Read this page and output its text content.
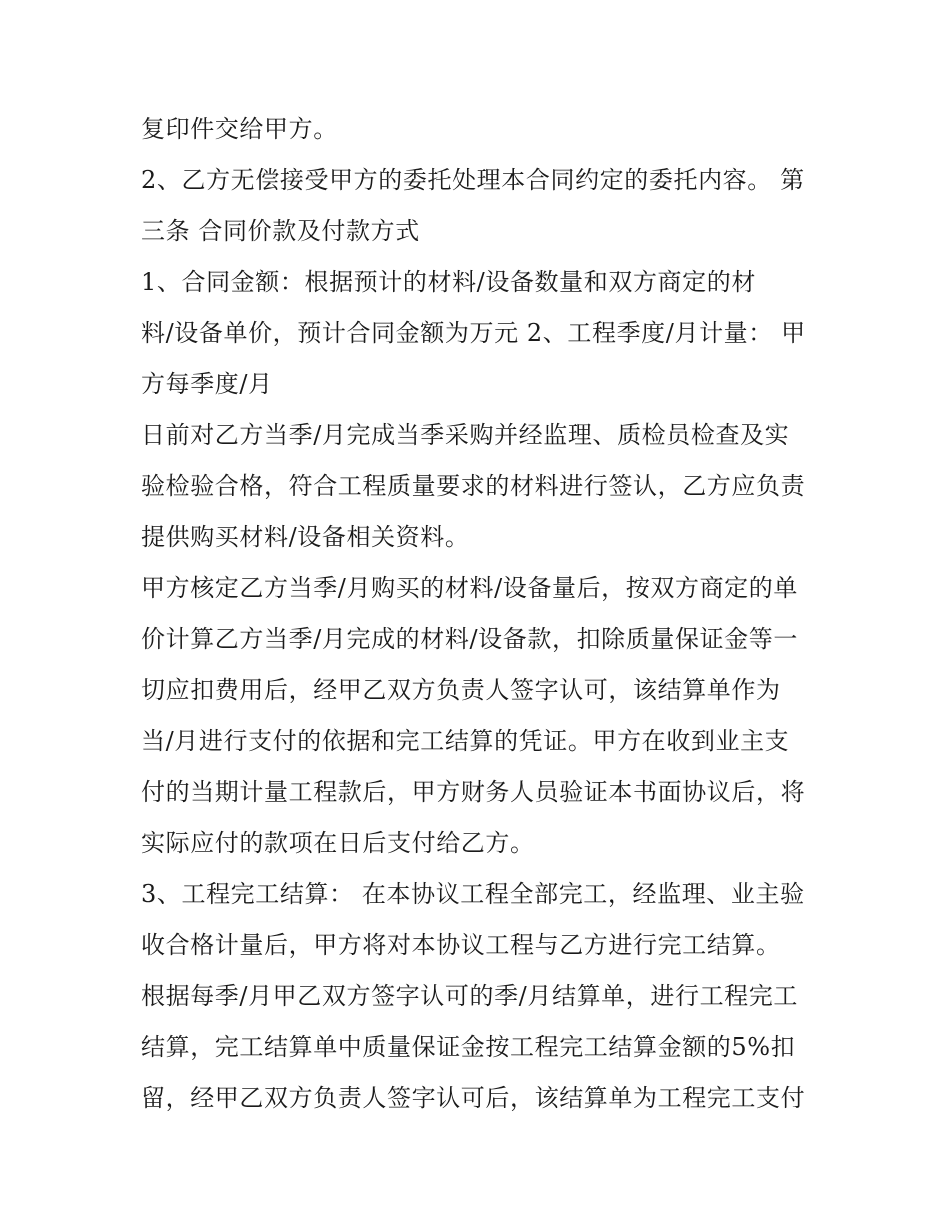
复印件交给甲方。
2、乙方无偿接受甲方的委托处理本合同约定的委托内容。 第
三条 合同价款及付款方式
1、合同金额：根据预计的材料/设备数量和双方商定的材
料/设备单价，预计合同金额为万元 2、工程季度/月计量： 甲
方每季度/月
日前对乙方当季/月完成当季采购并经监理、质检员检查及实
验检验合格，符合工程质量要求的材料进行签认，乙方应负责
提供购买材料/设备相关资料。
甲方核定乙方当季/月购买的材料/设备量后，按双方商定的单
价计算乙方当季/月完成的材料/设备款，扣除质量保证金等一
切应扣费用后，经甲乙双方负责人签字认可，该结算单作为
当/月进行支付的依据和完工结算的凭证。甲方在收到业主支
付的当期计量工程款后，甲方财务人员验证本书面协议后，将
实际应付的款项在日后支付给乙方。
3、工程完工结算： 在本协议工程全部完工，经监理、业主验
收合格计量后，甲方将对本协议工程与乙方进行完工结算。
根据每季/月甲乙双方签字认可的季/月结算单，进行工程完工
结算，完工结算单中质量保证金按工程完工结算金额的5%扣
留，经甲乙双方负责人签字认可后，该结算单为工程完工支付
